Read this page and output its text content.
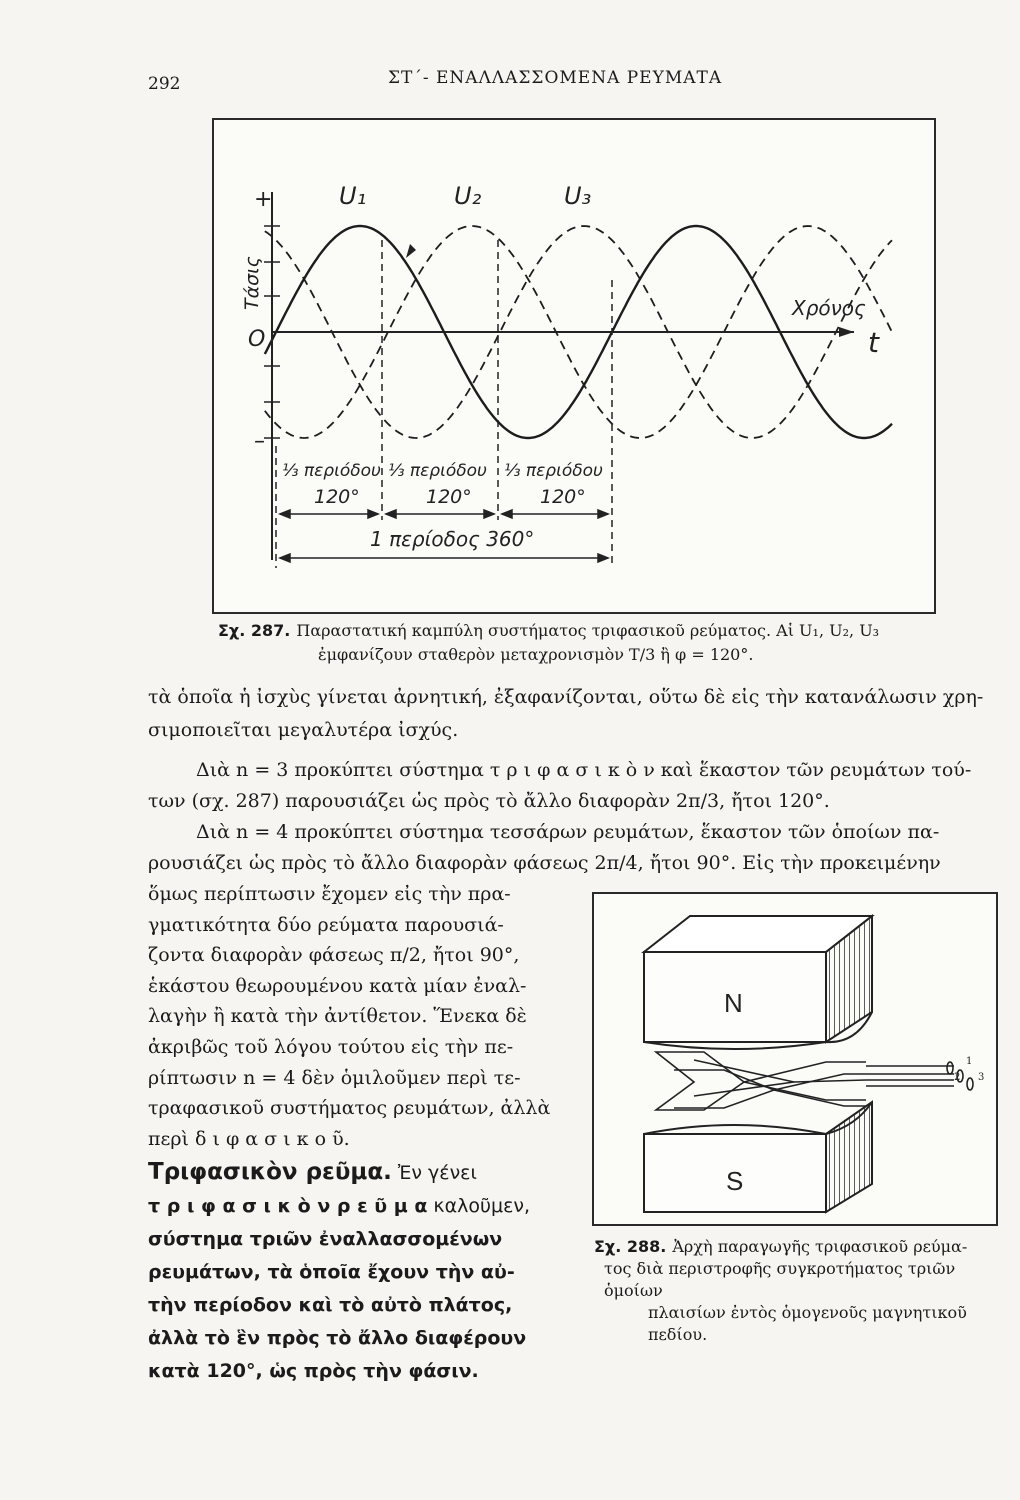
292	ΣΤ΄- ΕΝΑΛΛΑΣΣΟΜΕΝΑ ΡΕΥΜΑΤΑ
+
–
O
Τάσις
U₁	U₂	U₃
Χρόνος
t
⅓ περιόδου ⅓ περιόδου ⅓ περιόδου
120°	120°	120°
1 περίοδος 360°
Σχ. 287. Παραστατική καμπύλη συστήματος τριφασικοῦ ρεύματος. Αἱ U₁, U₂, U₃
ἐμφανίζουν σταθερὸν μεταχρονισμὸν T/3 ἢ φ = 120°.
τὰ ὁποῖα ἡ ἰσχὺς γίνεται ἀρνητική, ἐξαφανίζονται, οὕτω δὲ εἰς τὴν κατανάλωσιν χρη-
σιμοποιεῖται μεγαλυτέρα ἰσχύς.
Διὰ n = 3 προκύπτει σύστημα τ ρ ι φ α σ ι κ ὸ ν καὶ ἕκαστον τῶν ρευμάτων τού-
των (σχ. 287) παρουσιάζει ὡς πρὸς τὸ ἄλλο διαφορὰν 2π/3, ἤτοι 120°.
Διὰ n = 4 προκύπτει σύστημα τεσσάρων ρευμάτων, ἕκαστον τῶν ὁποίων πα-
ρουσιάζει ὡς πρὸς τὸ ἄλλο διαφορὰν φάσεως 2π/4, ἤτοι 90°. Εἰς τὴν προκειμένην
ὅμως περίπτωσιν ἔχομεν εἰς τὴν πρα-
γματικότητα δύο ρεύματα παρουσιά-
ζοντα διαφορὰν φάσεως π/2, ἤτοι 90°,
ἑκάστου θεωρουμένου κατὰ μίαν ἐναλ-
λαγὴν ἢ κατὰ τὴν ἀντίθετον. Ἕνεκα δὲ
ἀκριβῶς τοῦ λόγου τούτου εἰς τὴν πε-
ρίπτωσιν n = 4 δὲν ὁμιλοῦμεν περὶ τε-
τραφασικοῦ συστήματος ρευμάτων, ἀλλὰ
περὶ δ ι φ α σ ι κ ο ῦ.
Τριφασικὸν ρεῦμα. Ἐν γένει
τ ρ ι φ α σ ι κ ὸ ν ρ ε ῦ μ α καλοῦμεν,
σύστημα τριῶν ἐναλλασσομένων
ρευμάτων, τὰ ὁποῖα ἔχουν τὴν αὐ-
τὴν περίοδον καὶ τὸ αὐτὸ πλάτος,
ἀλλὰ τὸ ἓν πρὸς τὸ ἄλλο διαφέρουν
κατὰ 120°, ὡς πρὸς τὴν φάσιν.
N
S
1
2 3
Σχ. 288. Ἀρχὴ παραγωγῆς τριφασικοῦ ρεύμα-
τος διὰ περιστροφῆς συγκροτήματος τριῶν ὁμοίων
πλαισίων ἐντὸς ὁμογενοῦς μαγνητικοῦ πεδίου.
